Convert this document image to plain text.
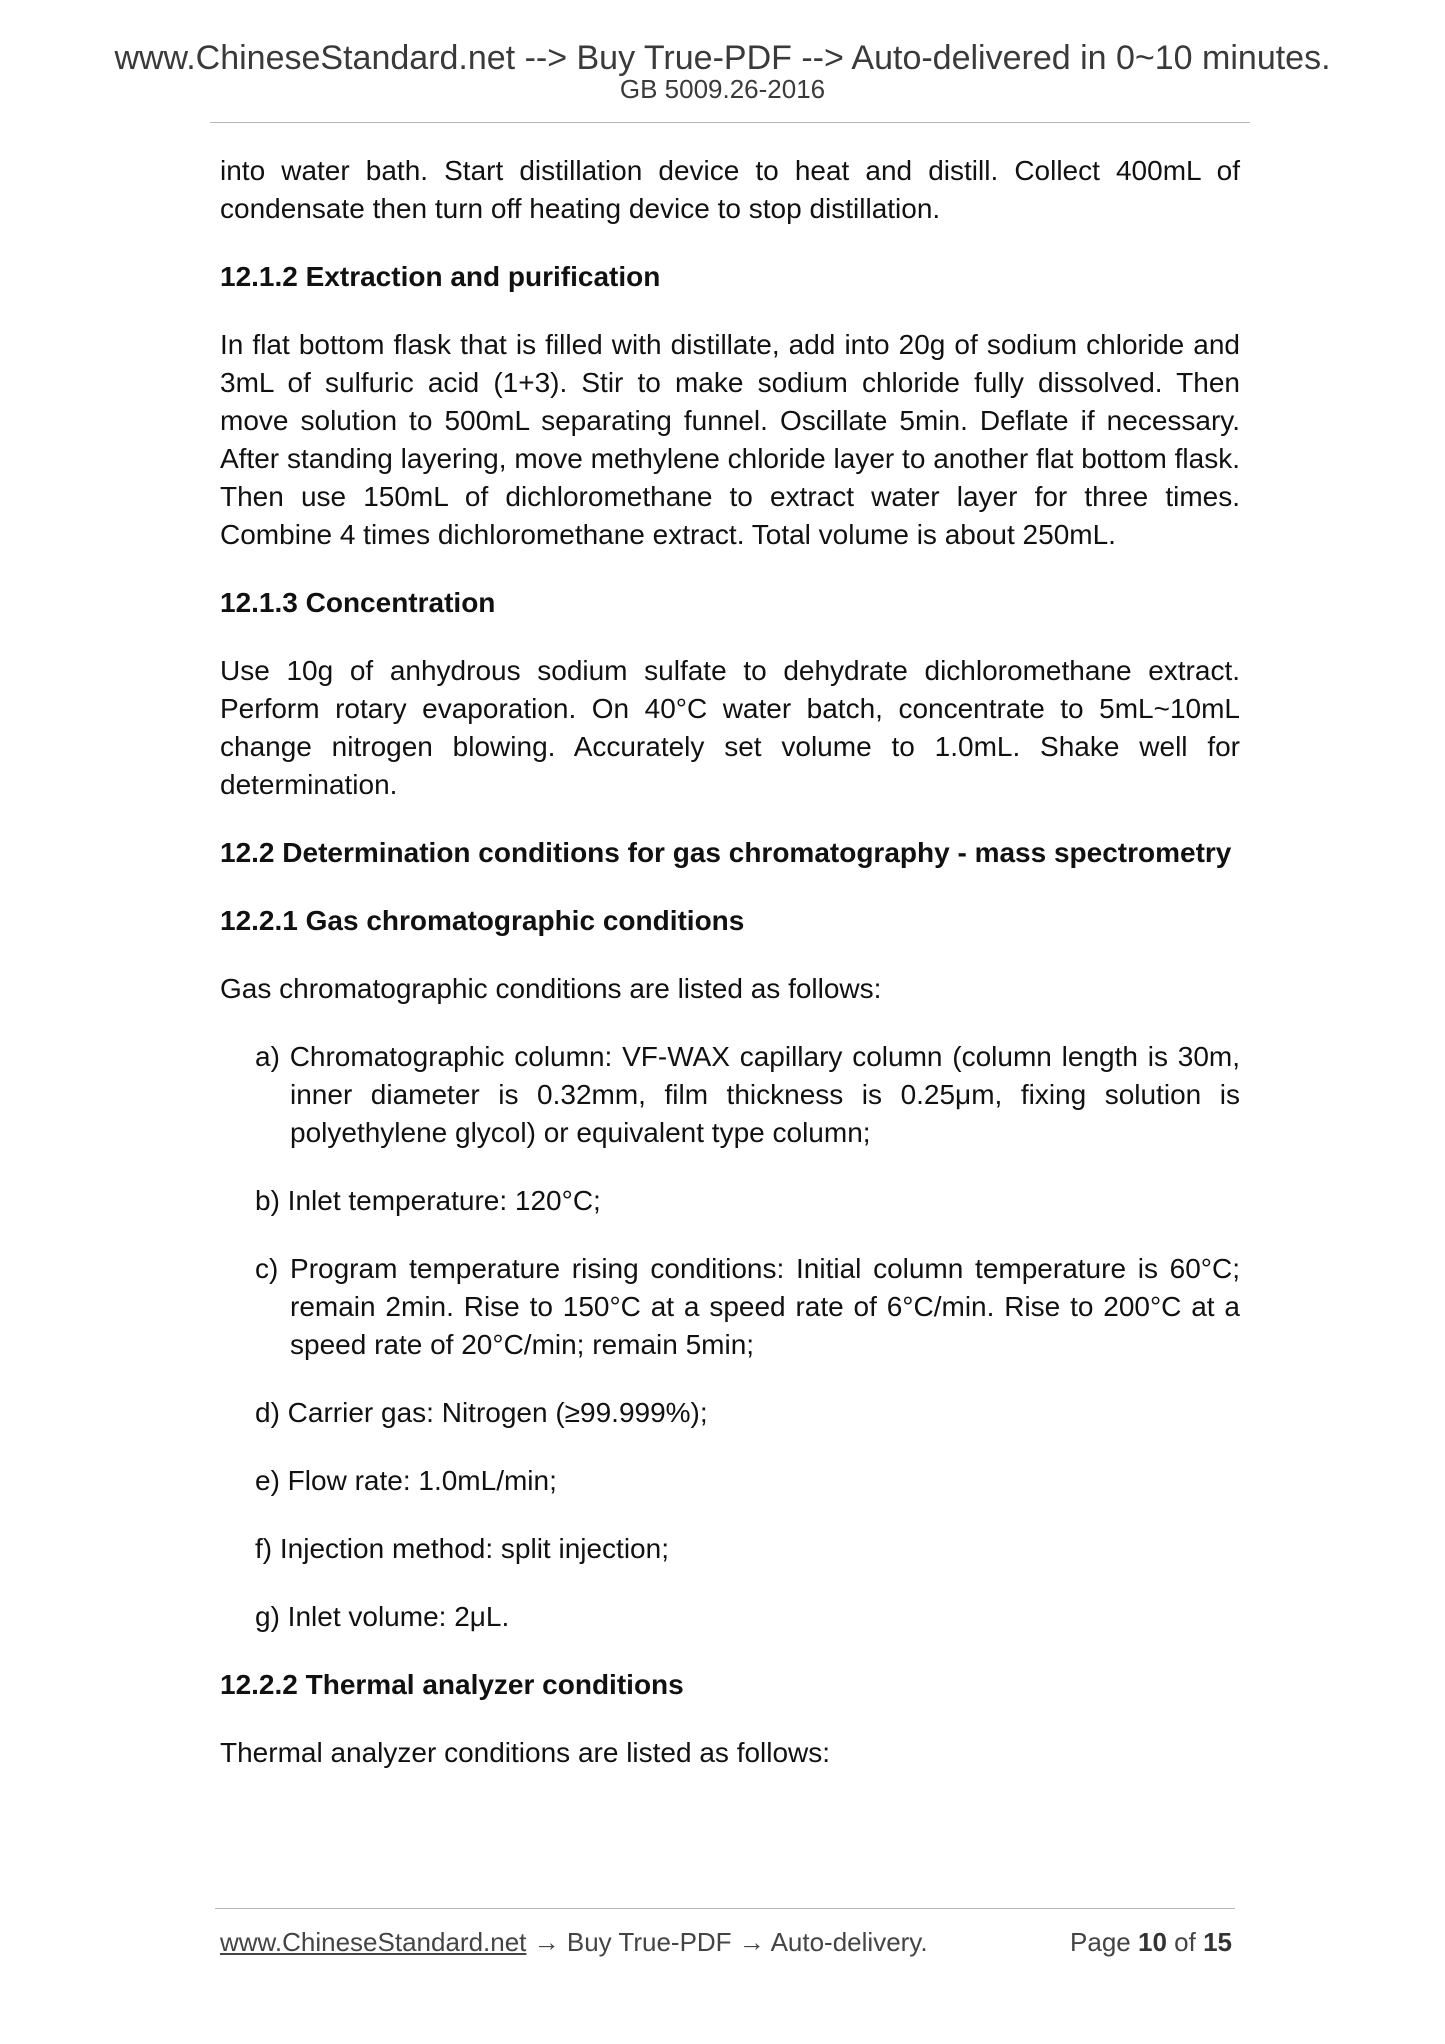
www.ChineseStandard.net --> Buy True-PDF --> Auto-delivered in 0~10 minutes.
GB 5009.26-2016

into water bath. Start distillation device to heat and distill. Collect 400mL of condensate then turn off heating device to stop distillation.

12.1.2 Extraction and purification

In flat bottom flask that is filled with distillate, add into 20g of sodium chloride and 3mL of sulfuric acid (1+3). Stir to make sodium chloride fully dissolved. Then move solution to 500mL separating funnel. Oscillate 5min. Deflate if necessary. After standing layering, move methylene chloride layer to another flat bottom flask. Then use 150mL of dichloromethane to extract water layer for three times. Combine 4 times dichloromethane extract. Total volume is about 250mL.

12.1.3 Concentration

Use 10g of anhydrous sodium sulfate to dehydrate dichloromethane extract. Perform rotary evaporation. On 40°C water batch, concentrate to 5mL~10mL change nitrogen blowing. Accurately set volume to 1.0mL. Shake well for determination.

12.2 Determination conditions for gas chromatography - mass spectrometry

12.2.1 Gas chromatographic conditions

Gas chromatographic conditions are listed as follows:

a) Chromatographic column: VF-WAX capillary column (column length is 30m, inner diameter is 0.32mm, film thickness is 0.25μm, fixing solution is polyethylene glycol) or equivalent type column;

b) Inlet temperature: 120°C;

c) Program temperature rising conditions: Initial column temperature is 60°C; remain 2min. Rise to 150°C at a speed rate of 6°C/min. Rise to 200°C at a speed rate of 20°C/min; remain 5min;

d) Carrier gas: Nitrogen (≥99.999%);

e) Flow rate: 1.0mL/min;

f) Injection method: split injection;

g) Inlet volume: 2μL.

12.2.2 Thermal analyzer conditions

Thermal analyzer conditions are listed as follows:

www.ChineseStandard.net → Buy True-PDF → Auto-delivery.	Page 10 of 15
